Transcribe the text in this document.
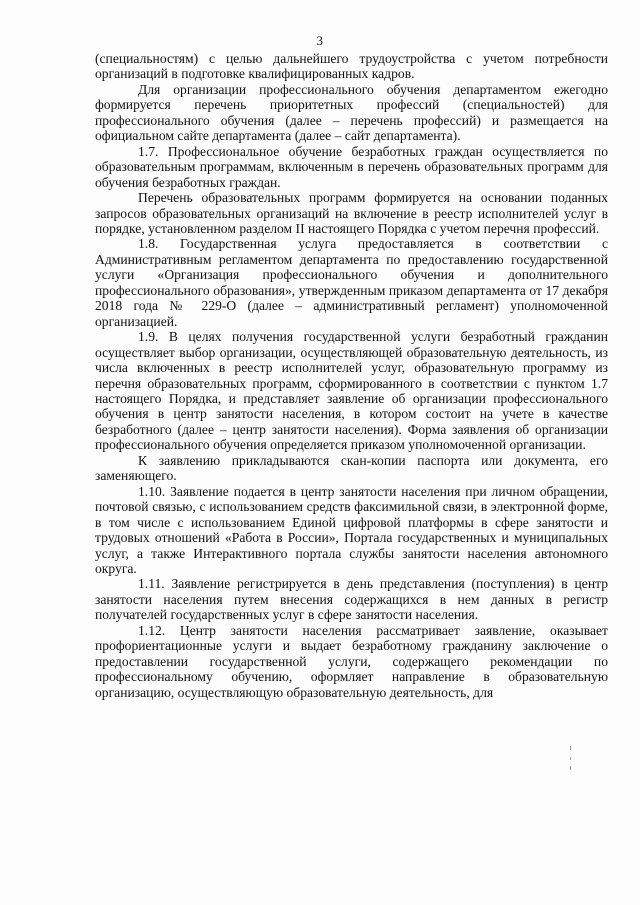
3

(специальностям) с целью дальнейшего трудоустройства с учетом потребности организаций в подготовке квалифицированных кадров.

Для организации профессионального обучения департаментом ежегодно формируется перечень приоритетных профессий (специальностей) для профессионального обучения (далее – перечень профессий) и размещается на официальном сайте департамента (далее – сайт департамента).

1.7. Профессиональное обучение безработных граждан осуществляется по образовательным программам, включенным в перечень образовательных программ для обучения безработных граждан.

Перечень образовательных программ формируется на основании поданных запросов образовательных организаций на включение в реестр исполнителей услуг в порядке, установленном разделом II настоящего Порядка с учетом перечня профессий.

1.8. Государственная услуга предоставляется в соответствии с Административным регламентом департамента по предоставлению государственной услуги «Организация профессионального обучения и дополнительного профессионального образования», утвержденным приказом департамента от 17 декабря 2018 года № 229-О (далее – административный регламент) уполномоченной организацией.

1.9. В целях получения государственной услуги безработный гражданин осуществляет выбор организации, осуществляющей образовательную деятельность, из числа включенных в реестр исполнителей услуг, образовательную программу из перечня образовательных программ, сформированного в соответствии с пунктом 1.7 настоящего Порядка, и представляет заявление об организации профессионального обучения в центр занятости населения, в котором состоит на учете в качестве безработного (далее – центр занятости населения). Форма заявления об организации профессионального обучения определяется приказом уполномоченной организации.

К заявлению прикладываются скан-копии паспорта или документа, его заменяющего.

1.10. Заявление подается в центр занятости населения при личном обращении, почтовой связью, с использованием средств факсимильной связи, в электронной форме, в том числе с использованием Единой цифровой платформы в сфере занятости и трудовых отношений «Работа в России», Портала государственных и муниципальных услуг, а также Интерактивного портала службы занятости населения автономного округа.

1.11. Заявление регистрируется в день представления (поступления) в центр занятости населения путем внесения содержащихся в нем данных в регистр получателей государственных услуг в сфере занятости населения.

1.12. Центр занятости населения рассматривает заявление, оказывает профориентационные услуги и выдает безработному гражданину заключение о предоставлении государственной услуги, содержащего рекомендации по профессиональному обучению, оформляет направление в образовательную организацию, осуществляющую образовательную деятельность, для
